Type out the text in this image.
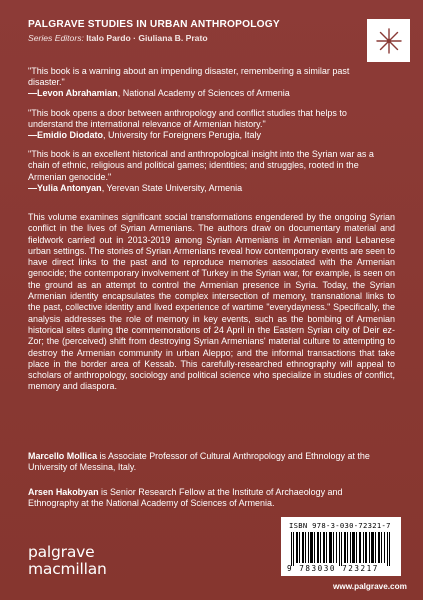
PALGRAVE STUDIES IN URBAN ANTHROPOLOGY
Series Editors: Italo Pardo · Giuliana B. Prato
"This book is a warning about an impending disaster, remembering a similar past disaster."
—Levon Abrahamian, National Academy of Sciences of Armenia
"This book opens a door between anthropology and conflict studies that helps to understand the international relevance of Armenian history."
—Emidio Diodato, University for Foreigners Perugia, Italy
"This book is an excellent historical and anthropological insight into the Syrian war as a chain of ethnic, religious and political games; identities; and struggles, rooted in the Armenian genocide."
—Yulia Antonyan, Yerevan State University, Armenia
This volume examines significant social transformations engendered by the ongoing Syrian conflict in the lives of Syrian Armenians. The authors draw on documentary material and fieldwork carried out in 2013-2019 among Syrian Armenians in Armenian and Lebanese urban settings. The stories of Syrian Armenians reveal how contemporary events are seen to have direct links to the past and to reproduce memories associated with the Armenian genocide; the contemporary involvement of Turkey in the Syrian war, for example, is seen on the ground as an attempt to control the Armenian presence in Syria. Today, the Syrian Armenian identity encapsulates the complex intersection of memory, transnational links to the past, collective identity and lived experience of wartime "everydayness." Specifically, the analysis addresses the role of memory in key events, such as the bombing of Armenian historical sites during the commemorations of 24 April in the Eastern Syrian city of Deir ez-Zor; the (perceived) shift from destroying Syrian Armenians' material culture to attempting to destroy the Armenian community in urban Aleppo; and the informal transactions that take place in the border area of Kessab. This carefully-researched ethnography will appeal to scholars of anthropology, sociology and political science who specialize in studies of conflict, memory and diaspora.
Marcello Mollica is Associate Professor of Cultural Anthropology and Ethnology at the University of Messina, Italy.
Arsen Hakobyan is Senior Research Fellow at the Institute of Archaeology and Ethnography at the National Academy of Sciences of Armenia.
palgrave
macmillan
ISBN 978-3-030-72321-7
9 783030 723217
www.palgrave.com
